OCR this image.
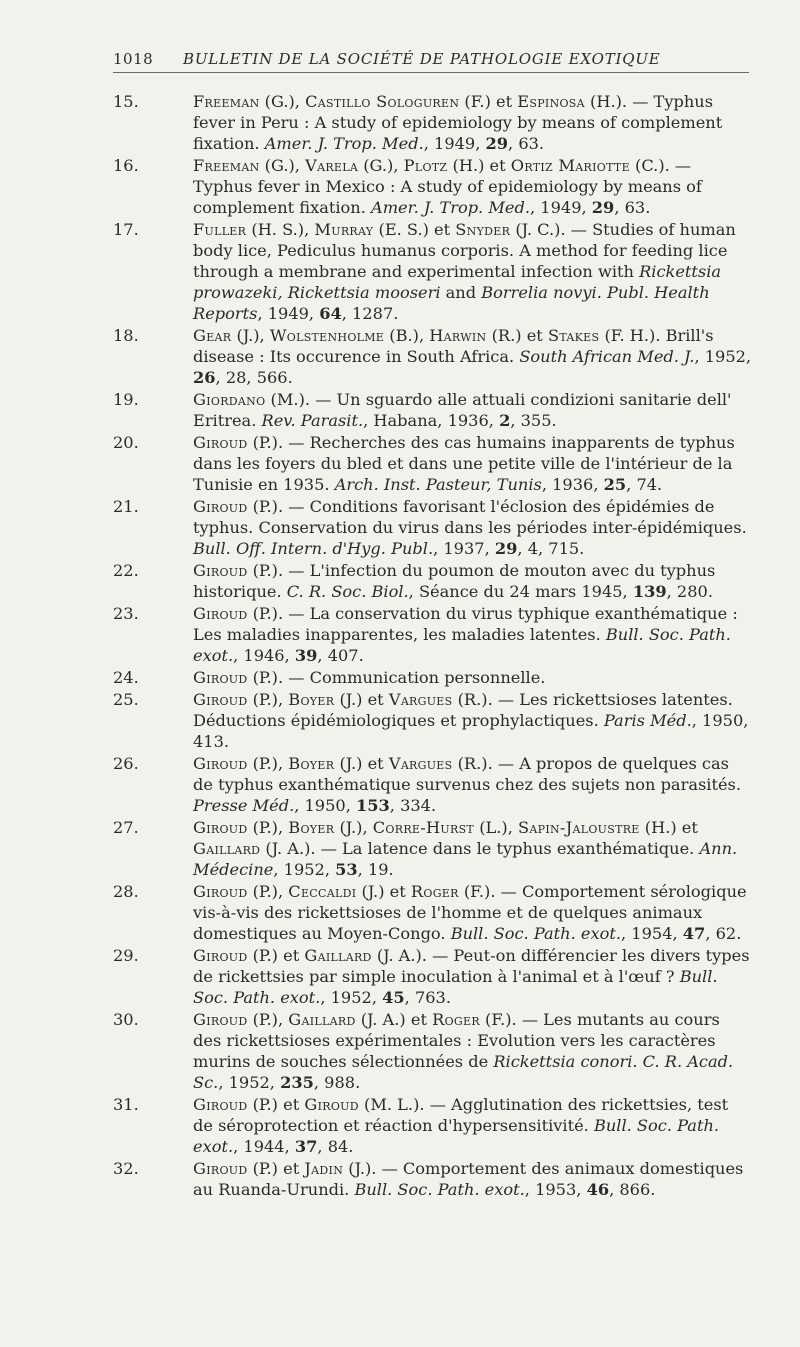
1018	BULLETIN DE LA SOCIÉTÉ DE PATHOLOGIE EXOTIQUE
15.	Freeman (G.), Castillo Sologuren (F.) et Espinosa (H.). — Typhus fever in Peru : A study of epidemiology by means of complement fixation. Amer. J. Trop. Med., 1949, 29, 63.
16.	Freeman (G.), Varela (G.), Plotz (H.) et Ortiz Mariotte (C.). — Typhus fever in Mexico : A study of epidemiology by means of complement fixation. Amer. J. Trop. Med., 1949, 29, 63.
17.	Fuller (H. S.), Murray (E. S.) et Snyder (J. C.). — Studies of human body lice, Pediculus humanus corporis. A method for feeding lice through a membrane and experimental infection with Rickettsia prowazeki, Rickettsia mooseri and Borrelia novyi. Publ. Health Reports, 1949, 64, 1287.
18.	Gear (J.), Wolstenholme (B.), Harwin (R.) et Stakes (F. H.). Brill's disease : Its occurence in South Africa. South African Med. J., 1952, 26, 28, 566.
19.	Giordano (M.). — Un sguardo alle attuali condizioni sanitarie dell' Eritrea. Rev. Parasit., Habana, 1936, 2, 355.
20.	Giroud (P.). — Recherches des cas humains inapparents de typhus dans les foyers du bled et dans une petite ville de l'intérieur de la Tunisie en 1935. Arch. Inst. Pasteur, Tunis, 1936, 25, 74.
21.	Giroud (P.). — Conditions favorisant l'éclosion des épidémies de typhus. Conservation du virus dans les périodes inter-épidémiques. Bull. Off. Intern. d'Hyg. Publ., 1937, 29, 4, 715.
22.	Giroud (P.). — L'infection du poumon de mouton avec du typhus historique. C. R. Soc. Biol., Séance du 24 mars 1945, 139, 280.
23.	Giroud (P.). — La conservation du virus typhique exanthématique : Les maladies inapparentes, les maladies latentes. Bull. Soc. Path. exot., 1946, 39, 407.
24.	Giroud (P.). — Communication personnelle.
25.	Giroud (P.), Boyer (J.) et Vargues (R.). — Les rickettsioses latentes. Déductions épidémiologiques et prophylactiques. Paris Méd., 1950, 413.
26.	Giroud (P.), Boyer (J.) et Vargues (R.). — A propos de quelques cas de typhus exanthématique survenus chez des sujets non parasités. Presse Méd., 1950, 153, 334.
27.	Giroud (P.), Boyer (J.), Corre-Hurst (L.), Sapin-Jaloustre (H.) et Gaillard (J. A.). — La latence dans le typhus exanthématique. Ann. Médecine, 1952, 53, 19.
28.	Giroud (P.), Ceccaldi (J.) et Roger (F.). — Comportement sérologique vis-à-vis des rickettsioses de l'homme et de quelques animaux domestiques au Moyen-Congo. Bull. Soc. Path. exot., 1954, 47, 62.
29.	Giroud (P.) et Gaillard (J. A.). — Peut-on différencier les divers types de rickettsies par simple inoculation à l'animal et à l'œuf ? Bull. Soc. Path. exot., 1952, 45, 763.
30.	Giroud (P.), Gaillard (J. A.) et Roger (F.). — Les mutants au cours des rickettsioses expérimentales : Evolution vers les caractères murins de souches sélectionnées de Rickettsia conori. C. R. Acad. Sc., 1952, 235, 988.
31.	Giroud (P.) et Giroud (M. L.). — Agglutination des rickettsies, test de séroprotection et réaction d'hypersensitivité. Bull. Soc. Path. exot., 1944, 37, 84.
32.	Giroud (P.) et Jadin (J.). — Comportement des animaux domestiques au Ruanda-Urundi. Bull. Soc. Path. exot., 1953, 46, 866.
